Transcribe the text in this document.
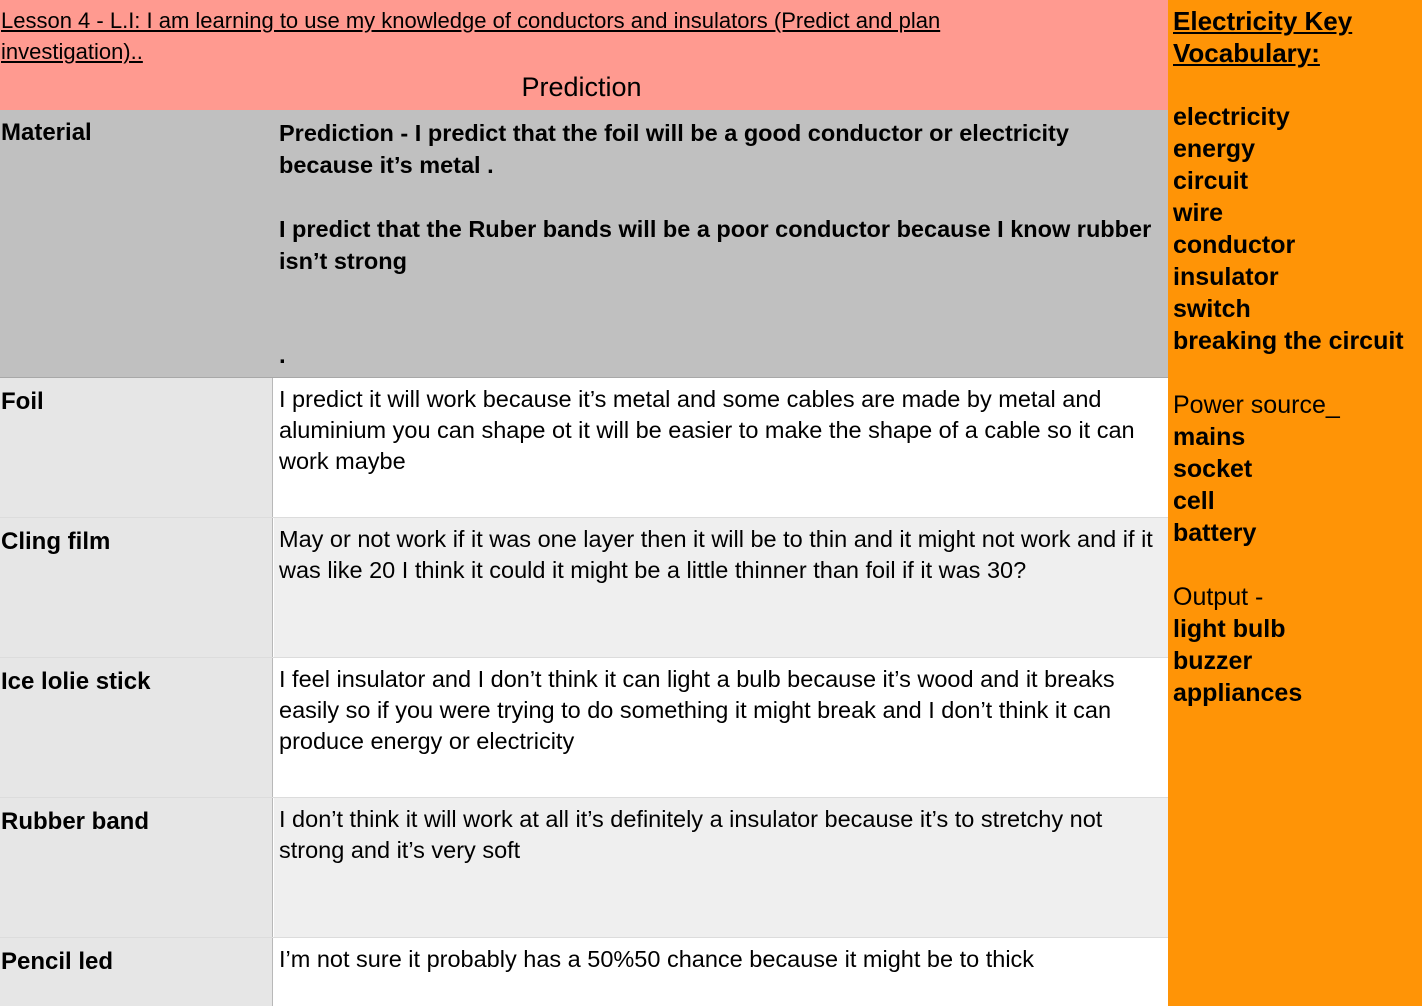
Lesson 4 - L.I: I am learning to use my knowledge of conductors and insulators (Predict and plan investigation)..
Prediction
Material	Prediction - I predict that the foil will be a good conductor or electricity because it’s metal .

I predict that the Ruber bands will be a poor conductor because I know rubber isn’t strong

.
Foil	I predict it will work because it’s metal and some cables are made by metal and aluminium you can shape ot it will be easier to make the shape of a cable so it can work maybe
Cling film	May or not work if it was one layer then it will be to thin and it might not work and if it was like 20 I think it could it might be a little thinner than foil if it was 30?
Ice lolie stick	I feel insulator and I don’t think it can light a bulb because it’s wood and it breaks easily so if you were trying to do something it might break and I don’t think it can produce energy or electricity
Rubber band	I don’t think it will work at all it’s definitely a insulator because it’s to stretchy not strong and it’s very soft
Pencil led	I’m not sure it probably has a 50%50 chance because it might be to thick
Electricity Key Vocabulary:
electricity
energy
circuit
wire
conductor
insulator
switch
breaking the circuit
Power source_
mains
socket
cell
battery
Output -
light bulb
buzzer
appliances
